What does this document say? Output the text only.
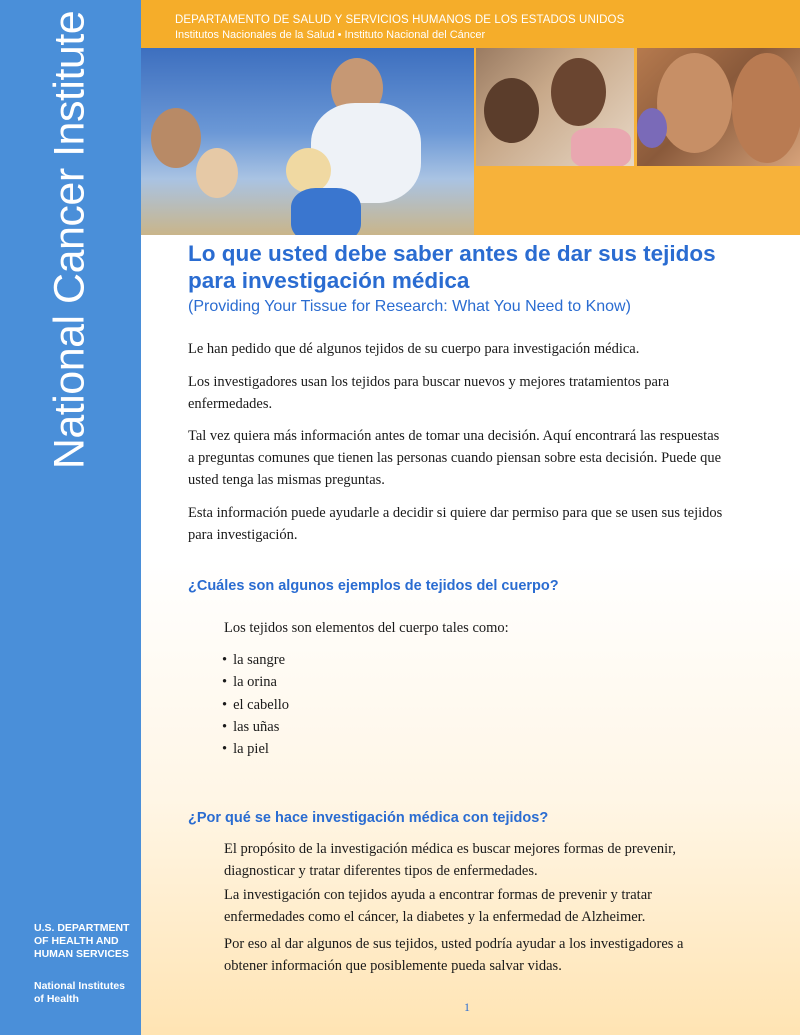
National Cancer Institute
U.S. DEPARTMENT
OF HEALTH AND
HUMAN SERVICES
National Institutes
of Health
DEPARTAMENTO DE SALUD Y SERVICIOS HUMANOS DE LOS ESTADOS UNIDOS
Institutos Nacionales de la Salud • Instituto Nacional del Cáncer
Lo que usted debe saber antes de dar sus tejidos
para investigación médica
(Providing Your Tissue for Research: What You Need to Know)

Le han pedido que dé algunos tejidos de su cuerpo para investigación médica.

Los investigadores usan los tejidos para buscar nuevos y mejores tratamientos para enfermedades.

Tal vez quiera más información antes de tomar una decisión. Aquí encontrará las respuestas a preguntas comunes que tienen las personas cuando piensan sobre esta decisión. Puede que usted tenga las mismas preguntas.

Esta información puede ayudarle a decidir si quiere dar permiso para que se usen sus tejidos para investigación.

¿Cuáles son algunos ejemplos de tejidos del cuerpo?

Los tejidos son elementos del cuerpo tales como:

• la sangre
• la orina
• el cabello
• las uñas
• la piel
¿Por qué se hace investigación médica con tejidos?

El propósito de la investigación médica es buscar mejores formas de prevenir, diagnosticar y tratar diferentes tipos de enfermedades.

La investigación con tejidos ayuda a encontrar formas de prevenir y tratar enfermedades como el cáncer, la diabetes y la enfermedad de Alzheimer.

Por eso al dar algunos de sus tejidos, usted podría ayudar a los investigadores a obtener información que posiblemente pueda salvar vidas.

1
